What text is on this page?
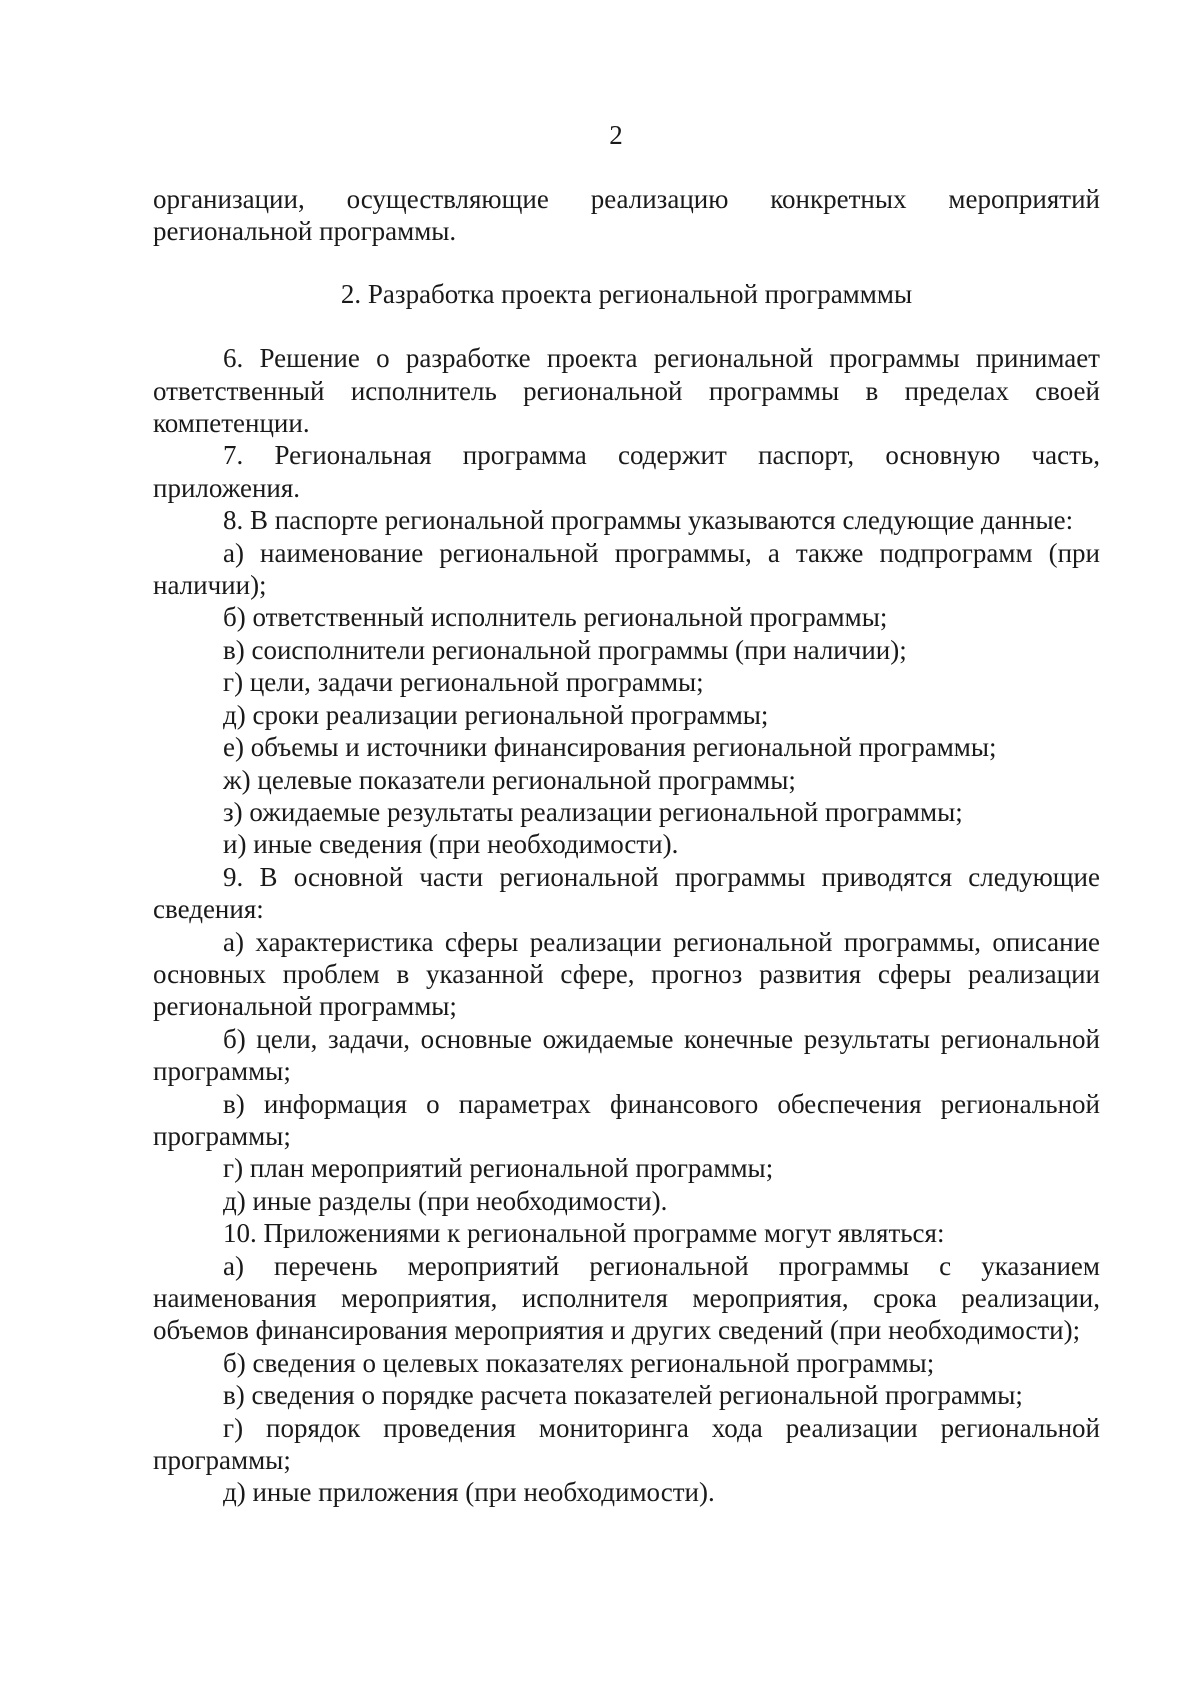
2

организации, осуществляющие реализацию конкретных мероприятий региональной программы.

2. Разработка проекта региональной программмы

6. Решение о разработке проекта региональной программы принимает ответственный исполнитель региональной программы в пределах своей компетенции.

7. Региональная программа содержит паспорт, основную часть, приложения.

8. В паспорте региональной программы указываются следующие данные:

а) наименование региональной программы, а также подпрограмм (при наличии);

б) ответственный исполнитель региональной программы;

в) соисполнители региональной программы (при наличии);

г) цели, задачи региональной программы;

д) сроки реализации региональной программы;

е) объемы и источники финансирования региональной программы;

ж) целевые показатели региональной программы;

з) ожидаемые результаты реализации региональной программы;

и) иные сведения (при необходимости).

9. В основной части региональной программы приводятся следующие сведения:

а) характеристика сферы реализации региональной программы, описание основных проблем в указанной сфере, прогноз развития сферы реализации региональной программы;

б) цели, задачи, основные ожидаемые конечные результаты региональной программы;

в) информация о параметрах финансового обеспечения региональной программы;

г) план мероприятий региональной программы;

д) иные разделы (при необходимости).

10. Приложениями к региональной программе могут являться:

а) перечень мероприятий региональной программы с указанием наименования мероприятия, исполнителя мероприятия, срока реализации, объемов финансирования мероприятия и других сведений (при необходимости);

б) сведения о целевых показателях региональной программы;

в) сведения о порядке расчета показателей региональной программы;

г) порядок проведения мониторинга хода реализации региональной программы;

д) иные приложения (при необходимости).
